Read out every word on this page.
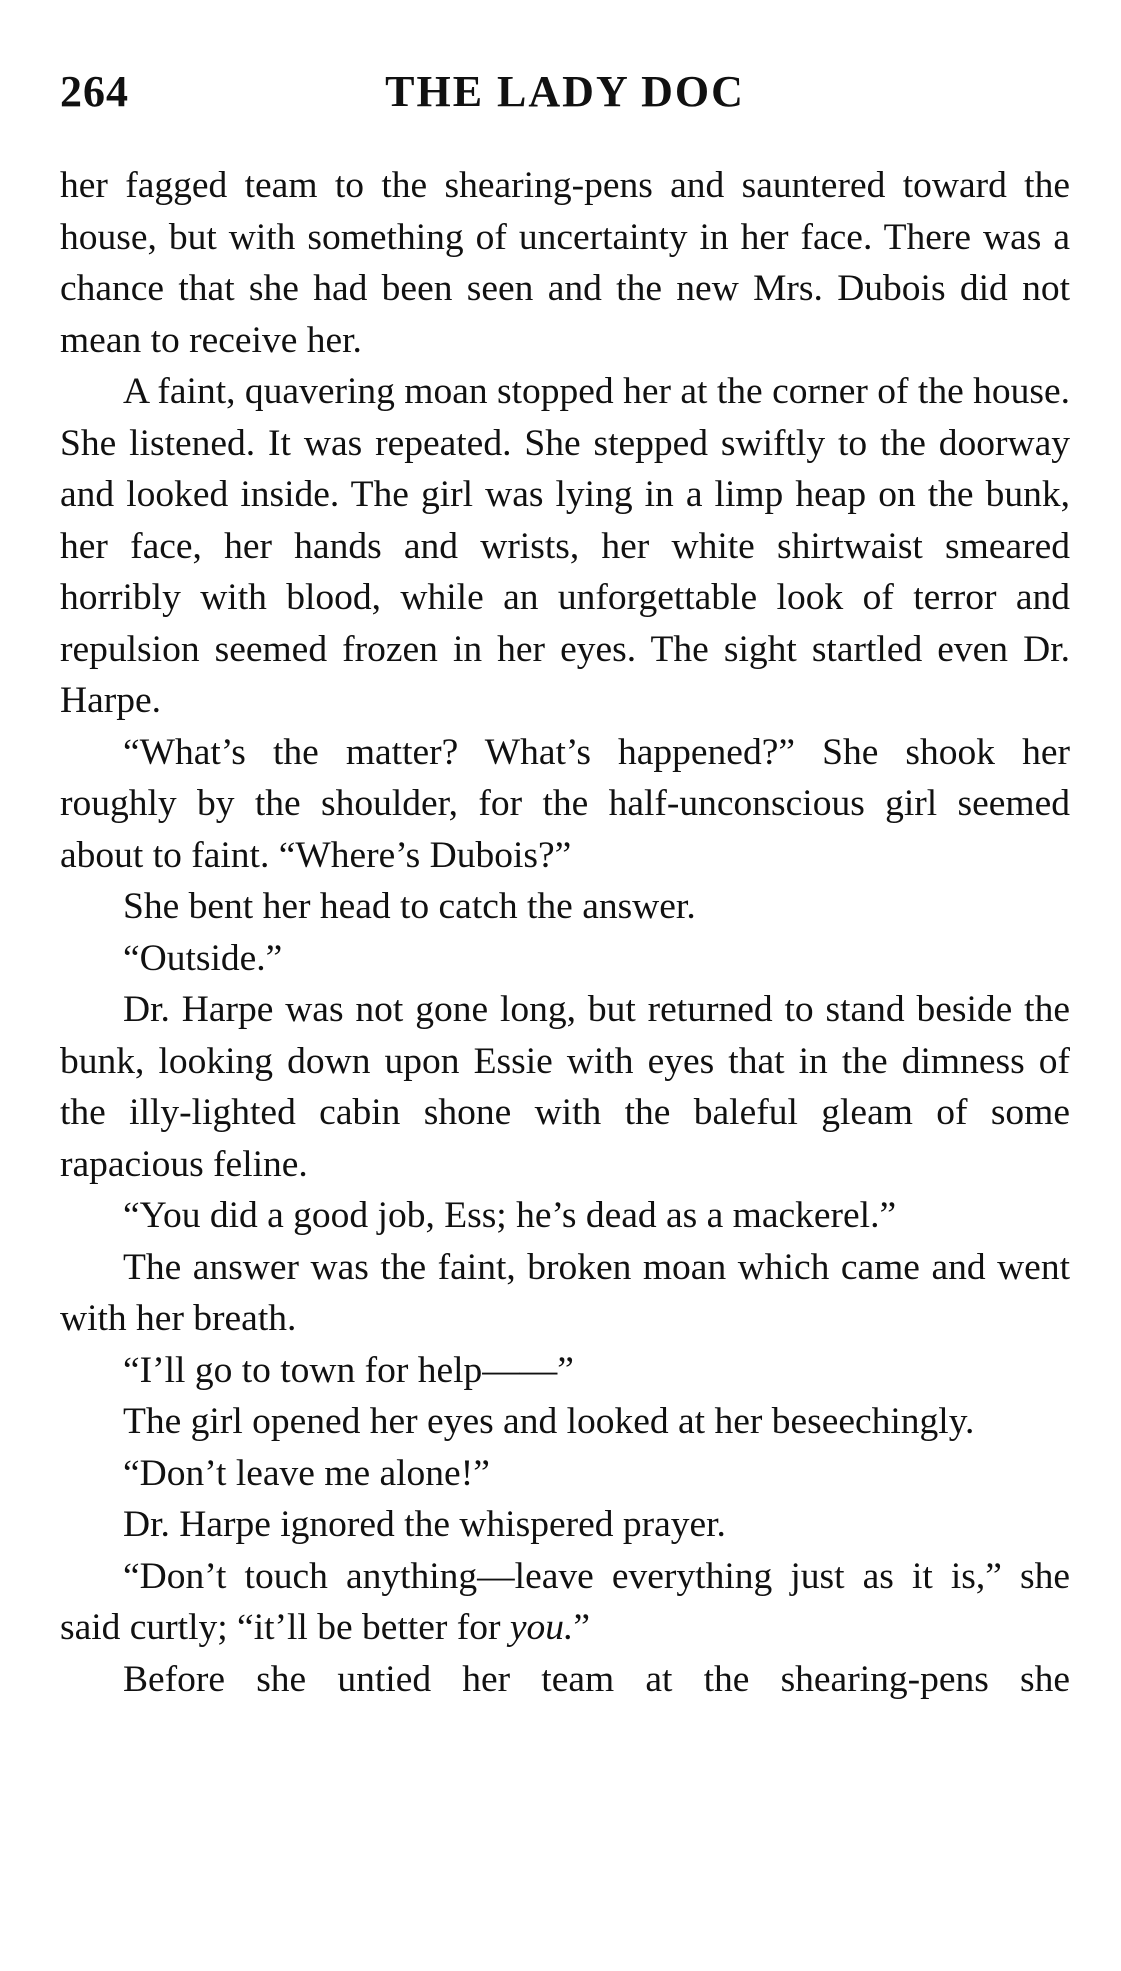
264	THE LADY DOC

her fagged team to the shearing-pens and sauntered toward the house, but with something of uncertainty in her face. There was a chance that she had been seen and the new Mrs. Dubois did not mean to receive her.

A faint, quavering moan stopped her at the corner of the house. She listened. It was repeated. She stepped swiftly to the doorway and looked inside. The girl was lying in a limp heap on the bunk, her face, her hands and wrists, her white shirtwaist smeared horribly with blood, while an unforgettable look of terror and repulsion seemed frozen in her eyes. The sight startled even Dr. Harpe.

“What’s the matter? What’s happened?” She shook her roughly by the shoulder, for the half-unconscious girl seemed about to faint. “Where’s Dubois?”

She bent her head to catch the answer.

“Outside.”

Dr. Harpe was not gone long, but returned to stand beside the bunk, looking down upon Essie with eyes that in the dimness of the illy-lighted cabin shone with the baleful gleam of some rapacious feline.

“You did a good job, Ess; he’s dead as a mackerel.”

The answer was the faint, broken moan which came and went with her breath.

“I’ll go to town for help——”

The girl opened her eyes and looked at her beseechingly.

“Don’t leave me alone!”

Dr. Harpe ignored the whispered prayer.

“Don’t touch anything—leave everything just as it is,” she said curtly; “it’ll be better for you.”

Before she untied her team at the shearing-pens she
